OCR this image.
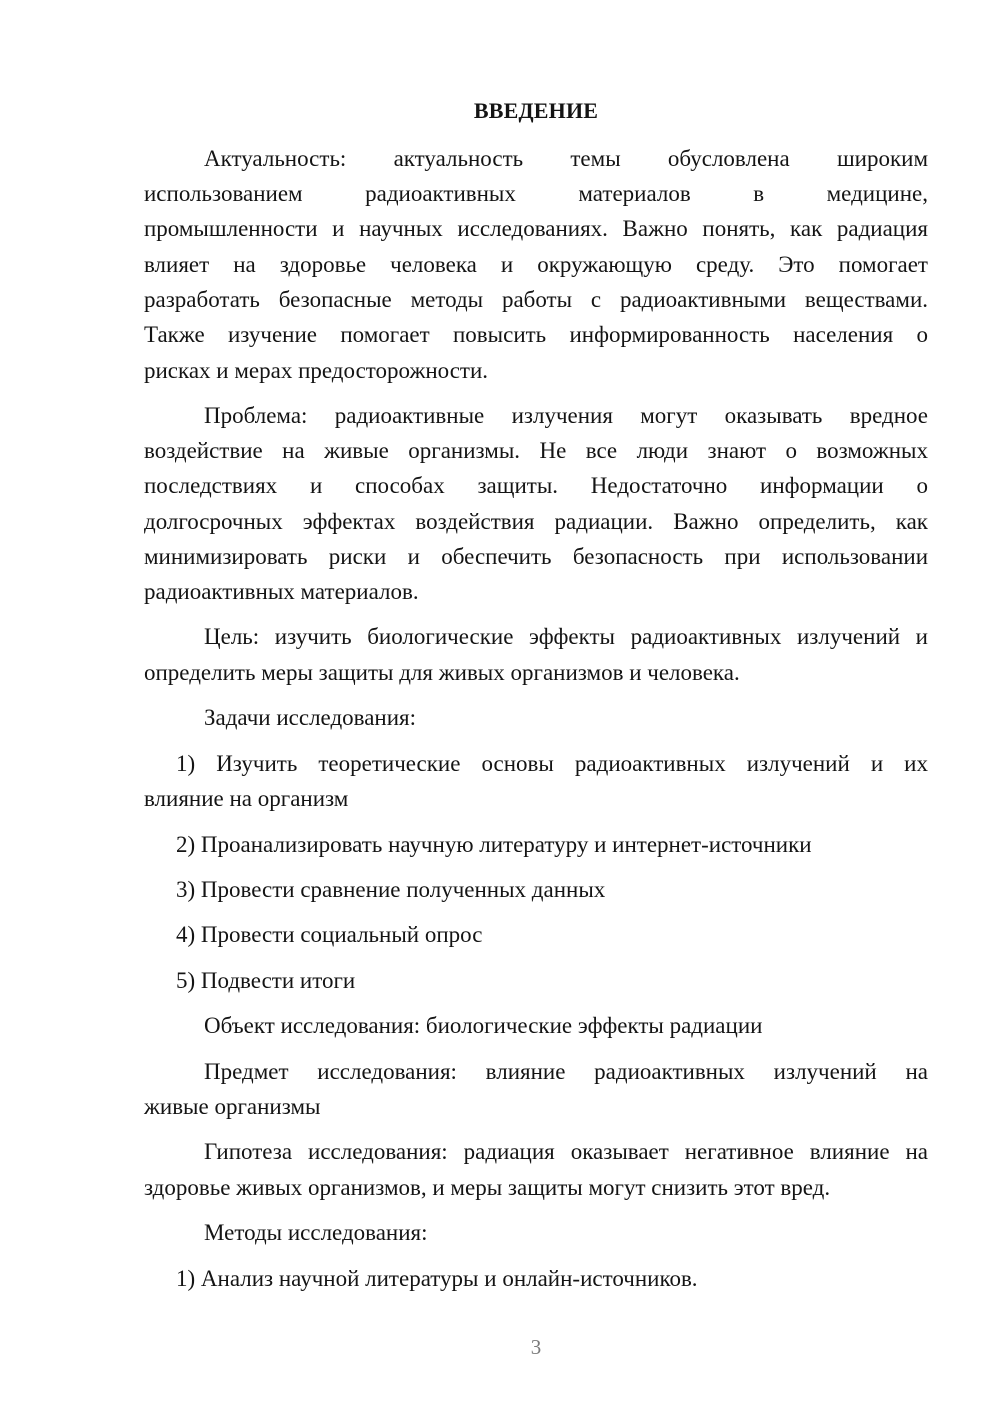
ВВЕДЕНИЕ
Актуальность: актуальность темы обусловлена широким
использованием радиоактивных материалов в медицине,
промышленности и научных исследованиях. Важно понять, как радиация
влияет на здоровье человека и окружающую среду. Это помогает
разработать безопасные методы работы с радиоактивными веществами.
Также изучение помогает повысить информированность населения о
рисках и мерах предосторожности.
Проблема: радиоактивные излучения могут оказывать вредное
воздействие на живые организмы. Не все люди знают о возможных
последствиях и способах защиты. Недостаточно информации о
долгосрочных эффектах воздействия радиации. Важно определить, как
минимизировать риски и обеспечить безопасность при использовании
радиоактивных материалов.
Цель: изучить биологические эффекты радиоактивных излучений и
определить меры защиты для живых организмов и человека.
Задачи исследования:
1) Изучить теоретические основы радиоактивных излучений и их
влияние на организм
2) Проанализировать научную литературу и интернет-источники
3) Провести сравнение полученных данных
4) Провести социальный опрос
5) Подвести итоги
Объект исследования: биологические эффекты радиации
Предмет исследования: влияние радиоактивных излучений на
живые организмы
Гипотеза исследования: радиация оказывает негативное влияние на
здоровье живых организмов, и меры защиты могут снизить этот вред.
Методы исследования:
1) Анализ научной литературы и онлайн-источников.
3
